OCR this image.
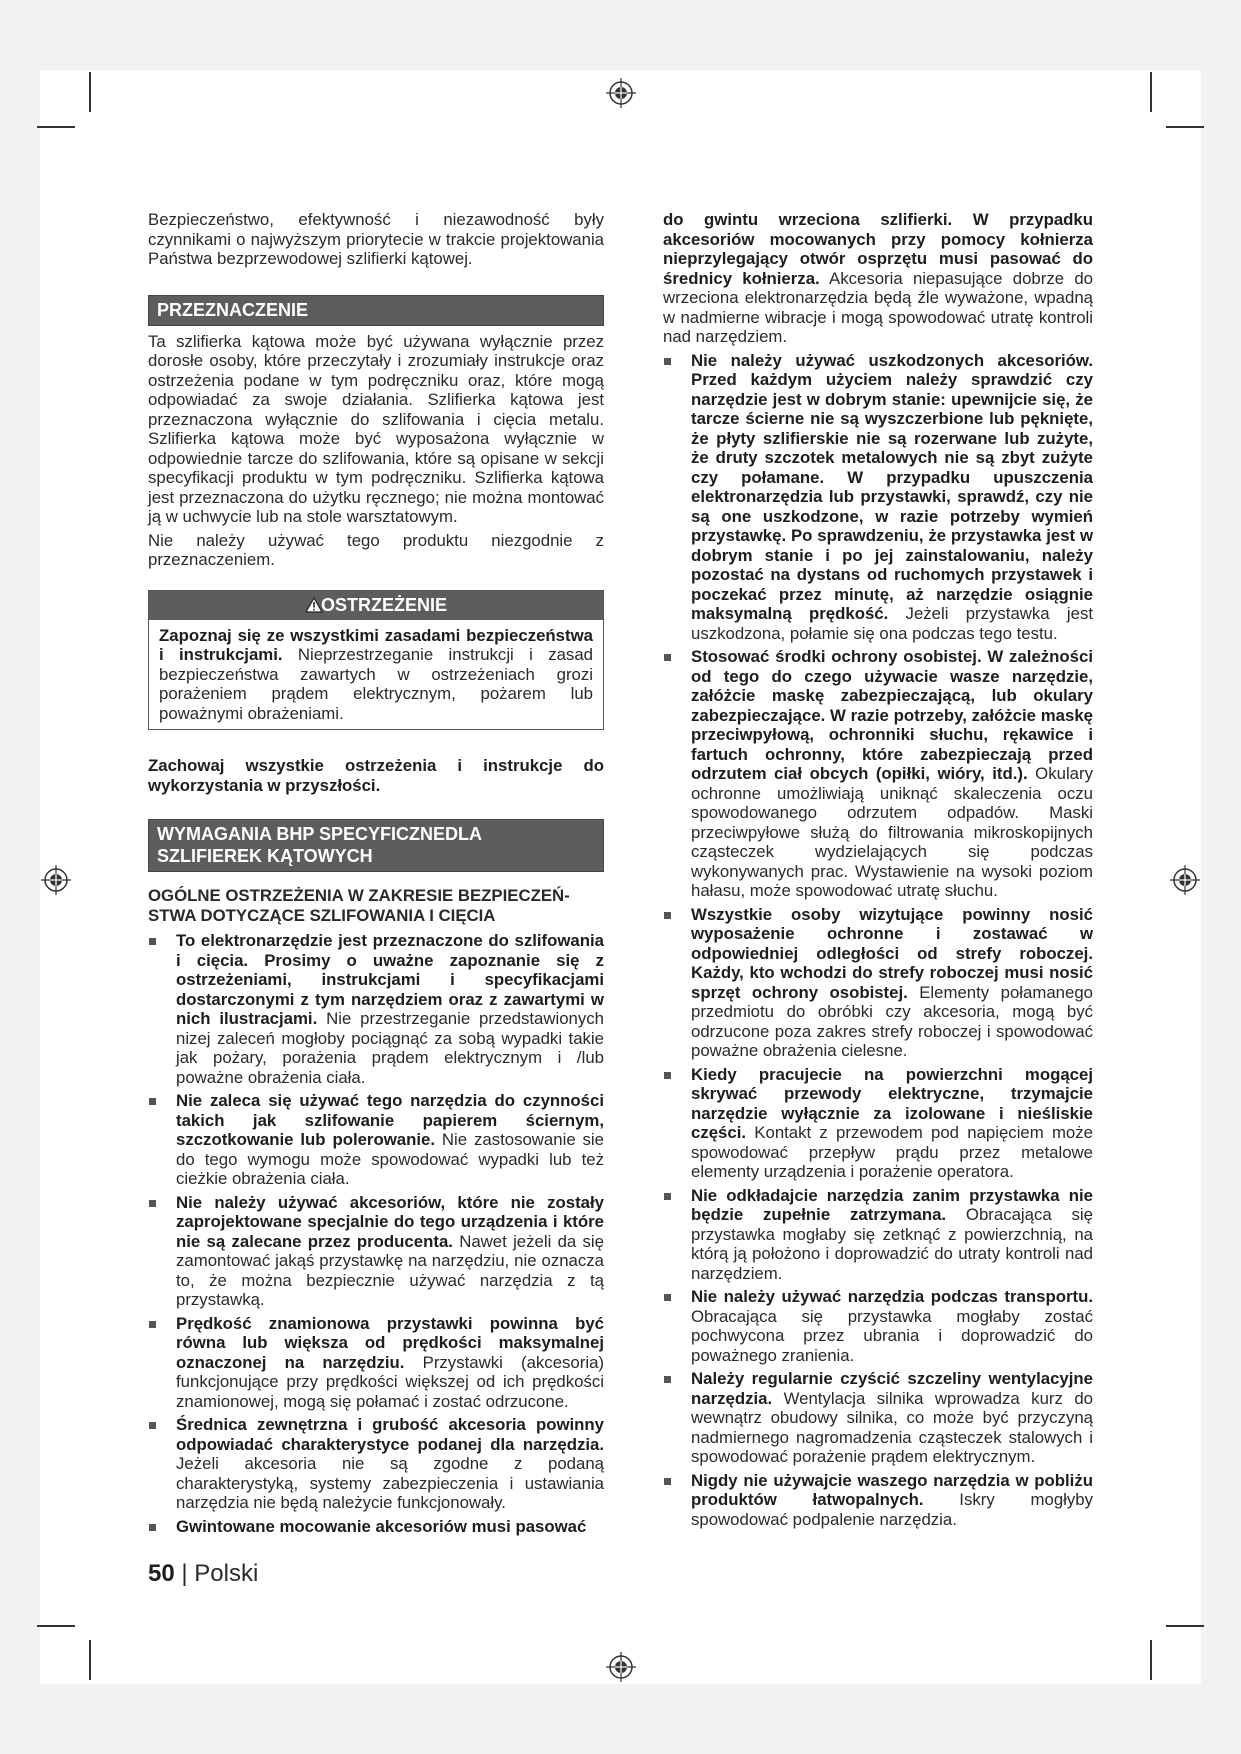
Bezpieczeństwo, efektywność i niezawodność były czynnikami o najwyższym priorytecie w trakcie projektowania Państwa bezprzewodowej szlifierki kątowej.

PRZEZNACZENIE

Ta szlifierka kątowa może być używana wyłącznie przez dorosłe osoby, które przeczytały i zrozumiały instrukcje oraz ostrzeżenia podane w tym podręczniku oraz, które mogą odpowiadać za swoje działania. Szlifierka kątowa jest przeznaczona wyłącznie do szlifowania i cięcia metalu. Szlifierka kątowa może być wyposażona wyłącznie w odpowiednie tarcze do szlifowania, które są opisane w sekcji specyfikacji produktu w tym podręczniku. Szlifierka kątowa jest przeznaczona do użytku ręcznego; nie można montować ją w uchwycie lub na stole warsztatowym.

Nie należy używać tego produktu niezgodnie z przeznaczeniem.

OSTRZEŻENIE
Zapoznaj się ze wszystkimi zasadami bezpieczeństwa i instrukcjami. Nieprzestrzeganie instrukcji i zasad bezpieczeństwa zawartych w ostrzeżeniach grozi porażeniem prądem elektrycznym, pożarem lub poważnymi obrażeniami.

Zachowaj wszystkie ostrzeżenia i instrukcje do wykorzystania w przyszłości.

WYMAGANIA BHP SPECYFICZNEDLA
SZLIFIEREK KĄTOWYCH
OGÓLNE OSTRZEŻENIA W ZAKRESIE BEZPIECZEŃ-STWA DOTYCZĄCE SZLIFOWANIA I CIĘCIA
To elektronarzędzie jest przeznaczone do szlifowania i cięcia. Prosimy o uważne zapoznanie się z ostrzeżeniami, instrukcjami i specyfikacjami dostarczonymi z tym narzędziem oraz z zawartymi w nich ilustracjami. Nie przestrzeganie przedstawionych nizej zaleceń mogłoby pociągnąć za sobą wypadki takie jak pożary, porażenia prądem elektrycznym i /lub poważne obrażenia ciała.
Nie zaleca się używać tego narzędzia do czynności takich jak szlifowanie papierem ściernym, szczotkowanie lub polerowanie. Nie zastosowanie sie do tego wymogu może spowodować wypadki lub też cieżkie obrażenia ciała.
Nie należy używać akcesoriów, które nie zostały zaprojektowane specjalnie do tego urządzenia i które nie są zalecane przez producenta. Nawet jeżeli da się zamontować jakąś przystawkę na narzędziu, nie oznacza to, że można bezpiecznie używać narzędzia z tą przystawką.
Prędkość znamionowa przystawki powinna być równa lub większa od prędkości maksymalnej oznaczonej na narzędziu. Przystawki (akcesoria) funkcjonujące przy prędkości większej od ich prędkości znamionowej, mogą się połamać i zostać odrzucone.
Średnica zewnętrzna i grubość akcesoria powinny odpowiadać charakterystyce podanej dla narzędzia. Jeżeli akcesoria nie są zgodne z podaną charakterystyką, systemy zabezpieczenia i ustawiania narzędzia nie będą należycie funkcjonowały.
Gwintowane mocowanie akcesoriów musi pasować

do gwintu wrzeciona szlifierki. W przypadku akcesoriów mocowanych przy pomocy kołnierza nieprzylegający otwór osprzętu musi pasować do średnicy kołnierza. Akcesoria niepasujące dobrze do wrzeciona elektronarzędzia będą źle wyważone, wpadną w nadmierne wibracje i mogą spowodować utratę kontroli nad narzędziem.

Nie należy używać uszkodzonych akcesoriów. Przed każdym użyciem należy sprawdzić czy narzędzie jest w dobrym stanie: upewnijcie się, że tarcze ścierne nie są wyszczerbione lub pęknięte, że płyty szlifierskie nie są rozerwane lub zużyte, że druty szczotek metalowych nie są zbyt zużyte czy połamane. W przypadku upuszczenia elektronarzędzia lub przystawki, sprawdź, czy nie są one uszkodzone, w razie potrzeby wymień przystawkę. Po sprawdzeniu, że przystawka jest w dobrym stanie i po jej zainstalowaniu, należy pozostać na dystans od ruchomych przystawek i poczekać przez minutę, aż narzędzie osiągnie maksymalną prędkość. Jeżeli przystawka jest uszkodzona, połamie się ona podczas tego testu.
Stosować środki ochrony osobistej. W zależności od tego do czego używacie wasze narzędzie, załóżcie maskę zabezpieczającą, lub okulary zabezpieczające. W razie potrzeby, załóżcie maskę przeciwpyłową, ochronniki słuchu, rękawice i fartuch ochronny, które zabezpieczają przed odrzutem ciał obcych (opiłki, wióry, itd.). Okulary ochronne umożliwiają uniknąć skaleczenia oczu spowodowanego odrzutem odpadów. Maski przeciwpyłowe służą do filtrowania mikroskopijnych cząsteczek wydzielających się podczas wykonywanych prac. Wystawienie na wysoki poziom hałasu, może spowodować utratę słuchu.
Wszystkie osoby wizytujące powinny nosić wyposażenie ochronne i zostawać w odpowiedniej odległości od strefy roboczej. Każdy, kto wchodzi do strefy roboczej musi nosić sprzęt ochrony osobistej. Elementy połamanego przedmiotu do obróbki czy akcesoria, mogą być odrzucone poza zakres strefy roboczej i spowodować poważne obrażenia cielesne.
Kiedy pracujecie na powierzchni mogącej skrywać przewody elektryczne, trzymajcie narzędzie wyłącznie za izolowane i nieśliskie części. Kontakt z przewodem pod napięciem może spowodować przepływ prądu przez metalowe elementy urządzenia i porażenie operatora.
Nie odkładajcie narzędzia zanim przystawka nie będzie zupełnie zatrzymana. Obracająca się przystawka mogłaby się zetknąć z powierzchnią, na którą ją położono i doprowadzić do utraty kontroli nad narzędziem.
Nie należy używać narzędzia podczas transportu. Obracająca się przystawka mogłaby zostać pochwycona przez ubrania i doprowadzić do poważnego zranienia.
Należy regularnie czyścić szczeliny wentylacyjne narzędzia. Wentylacja silnika wprowadza kurz do wewnątrz obudowy silnika, co może być przyczyną nadmiernego nagromadzenia cząsteczek stalowych i spowodować porażenie prądem elektrycznym.
Nigdy nie używajcie waszego narzędzia w pobliżu produktów łatwopalnych. Iskry mogłyby spowodować podpalenie narzędzia.
50 | Polski
